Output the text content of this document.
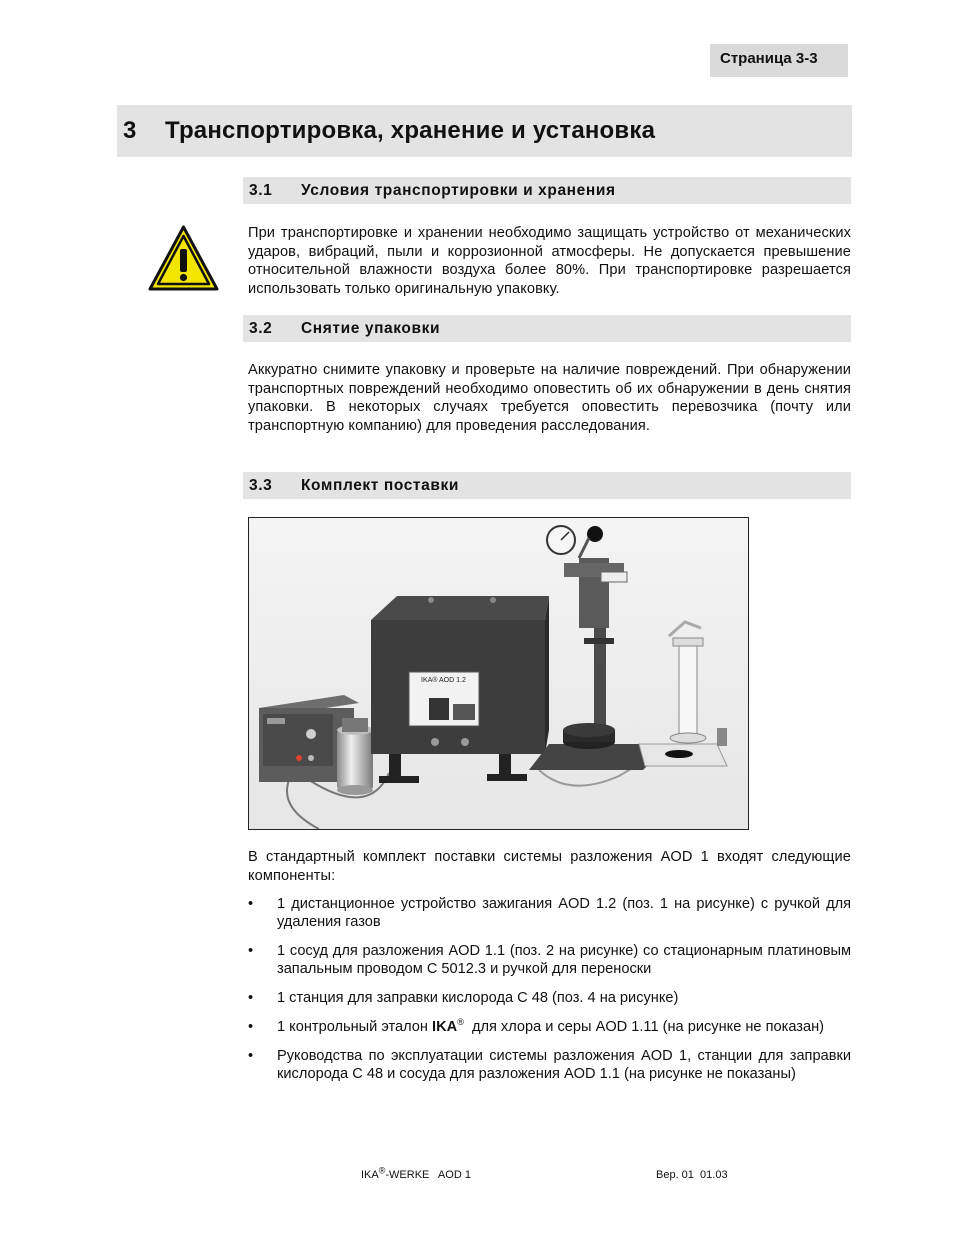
Страница 3-3
3 Транспортировка, хранение и установка
3.1 Условия транспортировки и хранения
При транспортировке и хранении необходимо защищать устройство от механических ударов, вибраций, пыли и коррозионной атмосферы. Не допускается превышение относительной влажности воздуха более 80%. При транспортировке разрешается использовать только оригинальную упаковку.
3.2 Снятие упаковки
Аккуратно снимите упаковку и проверьте на наличие повреждений. При обнаружении транспортных повреждений необходимо оповестить об их обнаружении в день снятия упаковки. В некоторых случаях требуется оповестить перевозчика (почту или транспортную компанию) для проведения расследования.
3.3 Комплект поставки
IKA® AOD 1.2
В стандартный комплект поставки системы разложения AOD 1 входят следующие компоненты:
• 1 дистанционное устройство зажигания AOD 1.2 (поз. 1 на рисунке) с ручкой для удаления газов
• 1 сосуд для разложения AOD 1.1 (поз. 2 на рисунке) со стационарным платиновым запальным проводом C 5012.3 и ручкой для переноски
• 1 станция для заправки кислорода C 48 (поз. 4 на рисунке)
• 1 контрольный эталон IKA® для хлора и серы AOD 1.11 (на рисунке не показан)
• Руководства по эксплуатации системы разложения AOD 1, станции для заправки кислорода C 48 и сосуда для разложения AOD 1.1 (на рисунке не показаны)
IKA®-WERKE   AOD 1	Вер. 01  01.03
